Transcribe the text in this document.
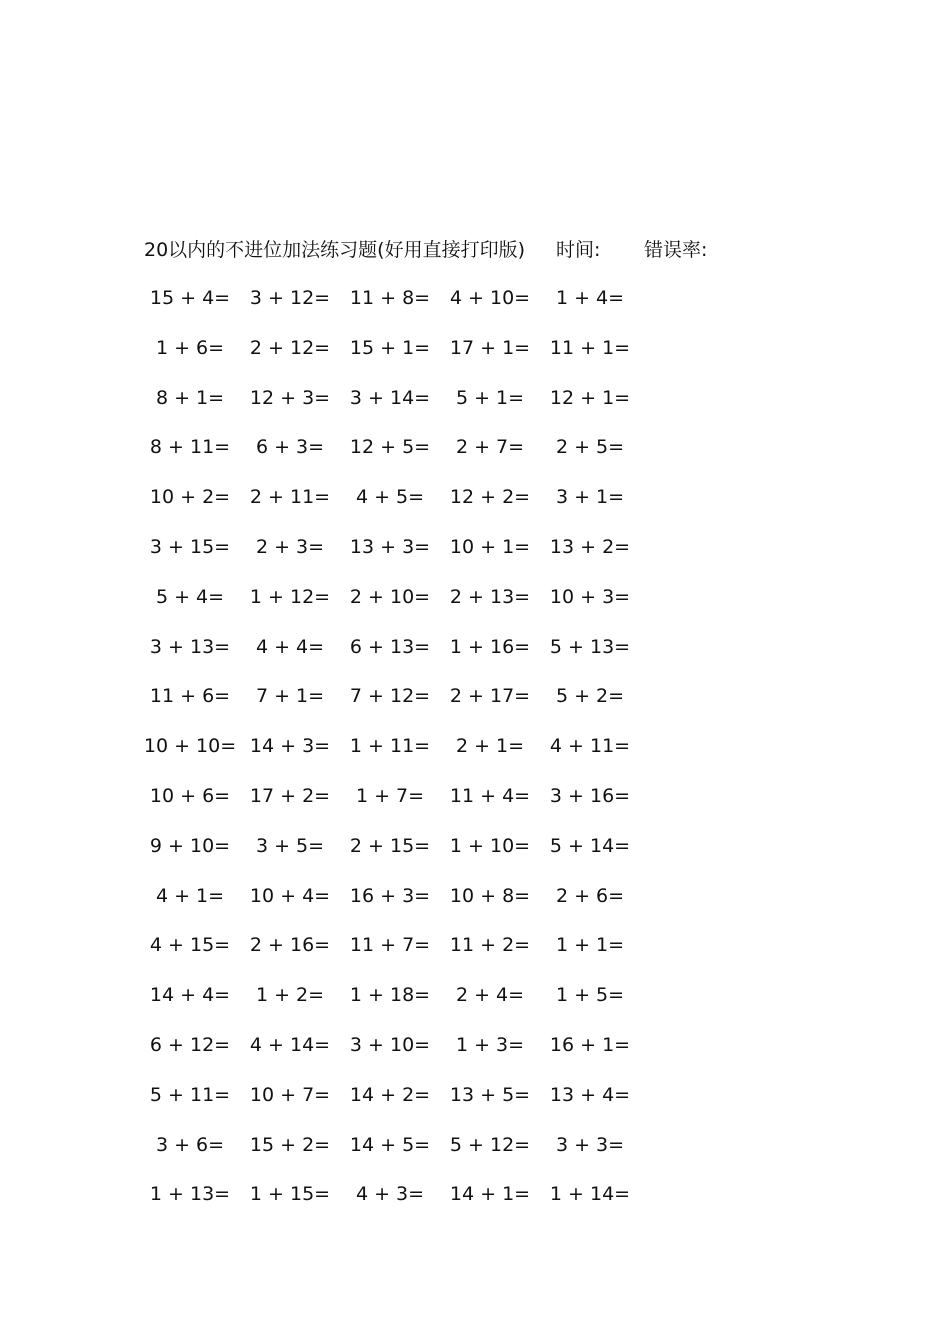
20以内的不进位加法练习题(好用直接打印版) 时间: 错误率:
15 + 4=	3 + 12=	11 + 8=	4 + 10=	1 + 4=
1 + 6=	2 + 12=	15 + 1=	17 + 1=	11 + 1=
8 + 1=	12 + 3=	3 + 14=	5 + 1=	12 + 1=
8 + 11=	6 + 3=	12 + 5=	2 + 7=	2 + 5=
10 + 2=	2 + 11=	4 + 5=	12 + 2=	3 + 1=
3 + 15=	2 + 3=	13 + 3=	10 + 1=	13 + 2=
5 + 4=	1 + 12=	2 + 10=	2 + 13=	10 + 3=
3 + 13=	4 + 4=	6 + 13=	1 + 16=	5 + 13=
11 + 6=	7 + 1=	7 + 12=	2 + 17=	5 + 2=
10 + 10= 14 + 3=	1 + 11=	2 + 1=	4 + 11=
10 + 6=	17 + 2=	1 + 7=	11 + 4=	3 + 16=
9 + 10=	3 + 5=	2 + 15=	1 + 10=	5 + 14=
4 + 1=	10 + 4=	16 + 3=	10 + 8=	2 + 6=
4 + 15=	2 + 16=	11 + 7=	11 + 2=	1 + 1=
14 + 4=	1 + 2=	1 + 18=	2 + 4=	1 + 5=
6 + 12=	4 + 14=	3 + 10=	1 + 3=	16 + 1=
5 + 11=	10 + 7=	14 + 2=	13 + 5=	13 + 4=
3 + 6=	15 + 2=	14 + 5=	5 + 12=	3 + 3=
1 + 13=	1 + 15=	4 + 3=	14 + 1=	1 + 14=
